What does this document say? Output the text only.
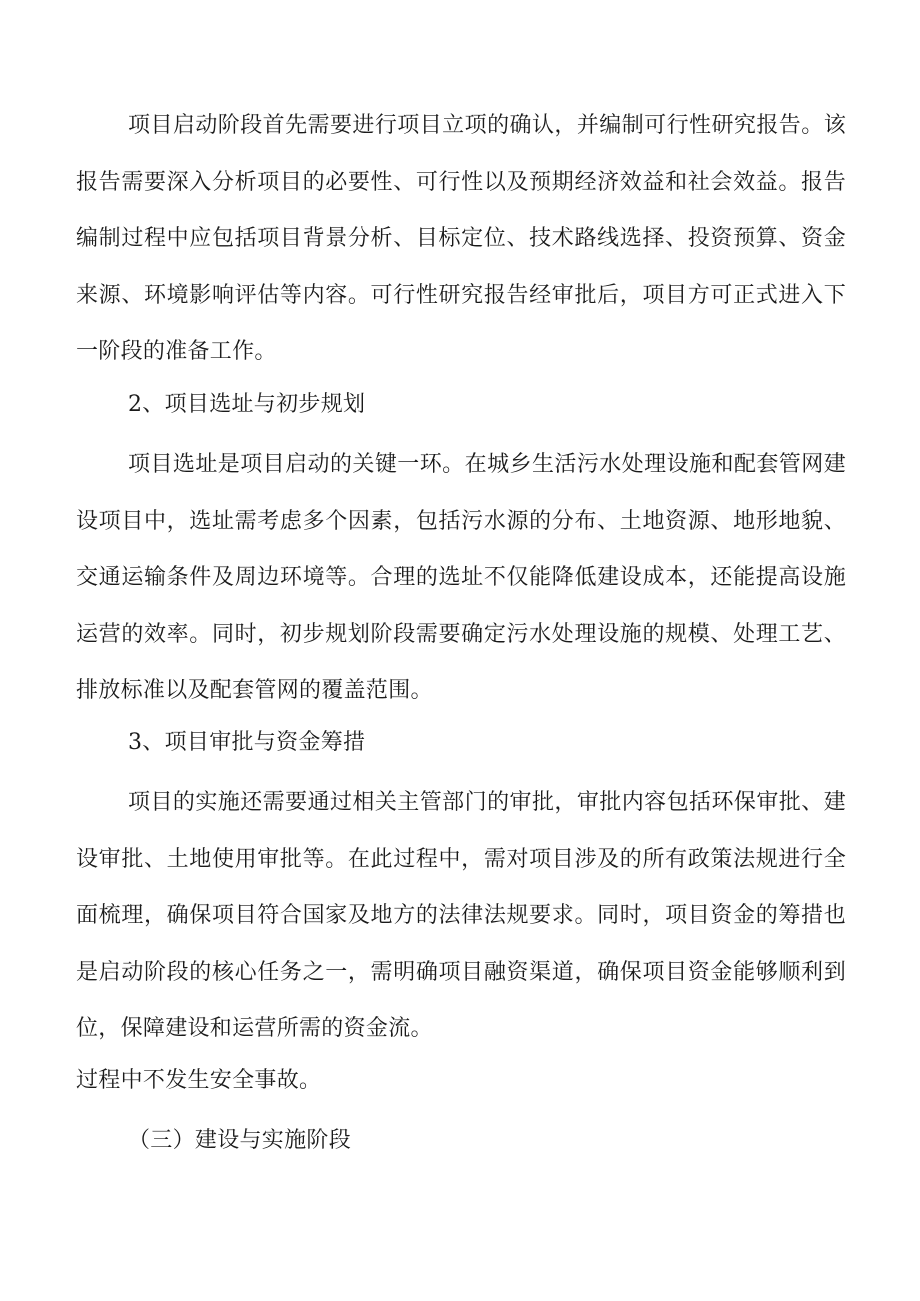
项目启动阶段首先需要进行项目立项的确认，并编制可行性研究报告。该报告需要深入分析项目的必要性、可行性以及预期经济效益和社会效益。报告编制过程中应包括项目背景分析、目标定位、技术路线选择、投资预算、资金来源、环境影响评估等内容。可行性研究报告经审批后，项目方可正式进入下一阶段的准备工作。

2、项目选址与初步规划

项目选址是项目启动的关键一环。在城乡生活污水处理设施和配套管网建设项目中，选址需考虑多个因素，包括污水源的分布、土地资源、地形地貌、交通运输条件及周边环境等。合理的选址不仅能降低建设成本，还能提高设施运营的效率。同时，初步规划阶段需要确定污水处理设施的规模、处理工艺、排放标准以及配套管网的覆盖范围。

3、项目审批与资金筹措

项目的实施还需要通过相关主管部门的审批，审批内容包括环保审批、建设审批、土地使用审批等。在此过程中，需对项目涉及的所有政策法规进行全面梳理，确保项目符合国家及地方的法律法规要求。同时，项目资金的筹措也是启动阶段的核心任务之一，需明确项目融资渠道，确保项目资金能够顺利到位，保障建设和运营所需的资金流。

过程中不发生安全事故。

（三）建设与实施阶段
